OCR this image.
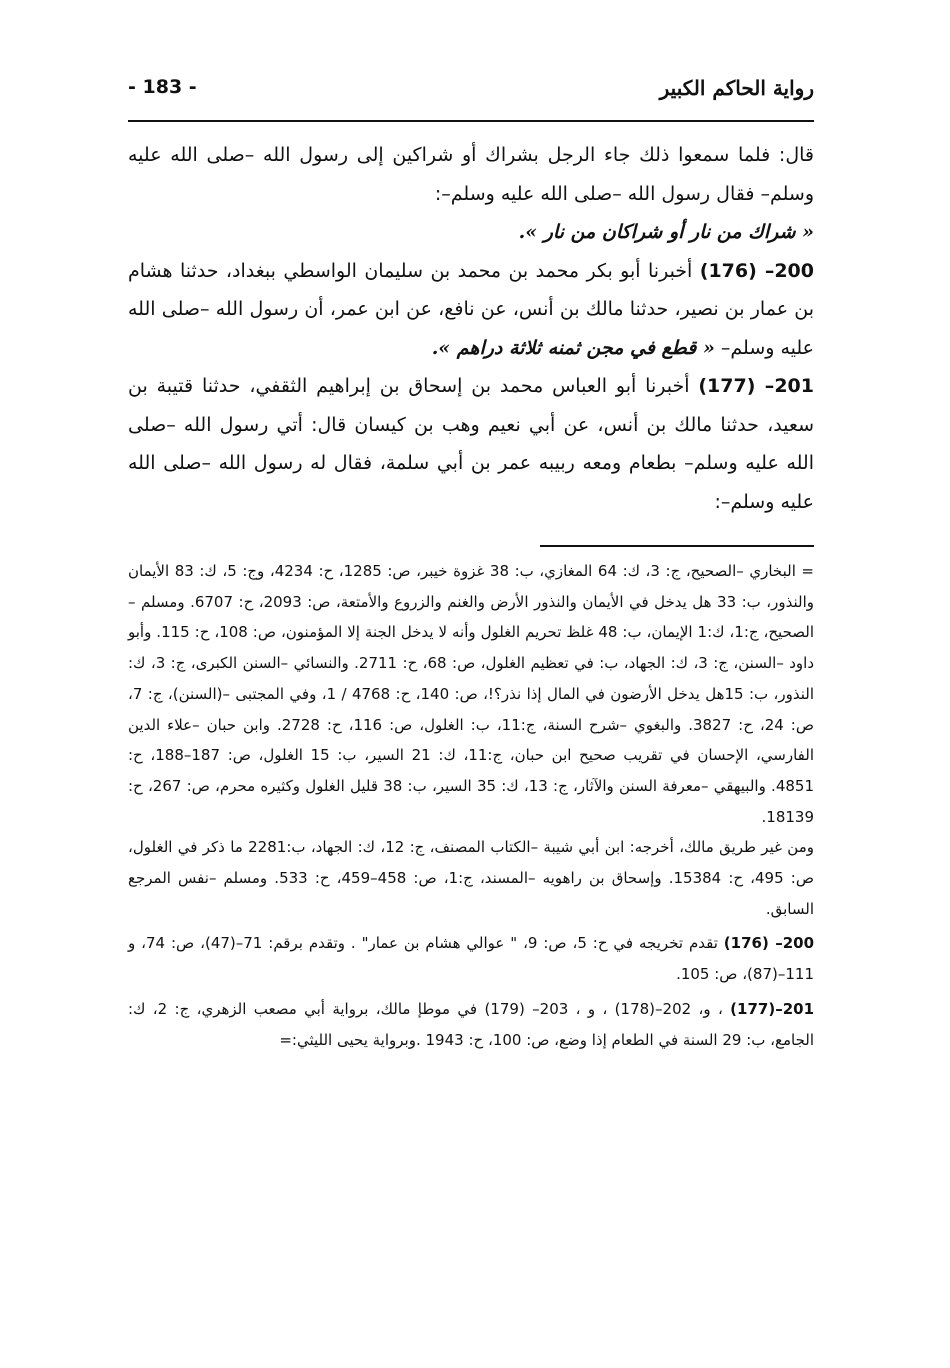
رواية الحاكم الكبير
- 183 -

قال: فلما سمعوا ذلك جاء الرجل بشراك أو شراكين إلى رسول الله –صلى الله عليه وسلم– فقال رسول الله –صلى الله عليه وسلم–:

« شراك من نار أو شراكان من نار ».

200– (176) أخبرنا أبو بكر محمد بن محمد بن سليمان الواسطي ببغداد، حدثنا هشام بن عمار بن نصير، حدثنا مالك بن أنس، عن نافع، عن ابن عمر، أن رسول الله –صلى الله عليه وسلم– « قطع في مجن ثمنه ثلاثة دراهم ».

201– (177) أخبرنا أبو العباس محمد بن إسحاق بن إبراهيم الثقفي، حدثنا قتيبة بن سعيد، حدثنا مالك بن أنس، عن أبي نعيم وهب بن كيسان قال: أتي رسول الله –صلى الله عليه وسلم– بطعام ومعه ربيبه عمر بن أبي سلمة، فقال له رسول الله –صلى الله عليه وسلم–:

= البخاري –الصحيح، ج: 3، ك: 64 المغازي، ب: 38 غزوة خيبر، ص: 1285، ح: 4234، وج: 5، ك: 83 الأيمان والنذور، ب: 33 هل يدخل في الأيمان والنذور الأرض والغنم والزروع والأمتعة، ص: 2093، ح: 6707. ومسلم –الصحيح، ج:1، ك:1 الإيمان، ب: 48 غلظ تحريم الغلول وأنه لا يدخل الجنة إلا المؤمنون، ص: 108، ح: 115. وأبو داود –السنن، ج: 3، ك: الجهاد، ب: في تعظيم الغلول، ص: 68، ح: 2711. والنسائي –السنن الكبرى، ج: 3، ك: النذور، ب: 15هل يدخل الأرضون في المال إذا نذر؟!، ص: 140، ح: 4768 / 1، وفي المجتبى –(السنن)، ج: 7، ص: 24، ح: 3827. والبغوي –شرح السنة، ج:11، ب: الغلول، ص: 116، ح: 2728. وابن حبان –علاء الدين الفارسي، الإحسان في تقريب صحيح ابن حبان، ج:11، ك: 21 السير، ب: 15 الغلول، ص: 187–188، ح: 4851. والبيهقي –معرفة السنن والآثار، ج: 13، ك: 35 السير، ب: 38 قليل الغلول وكثيره محرم، ص: 267، ح: 18139.

ومن غير طريق مالك، أخرجه: ابن أبي شيبة –الكتاب المصنف، ج: 12، ك: الجهاد، ب:2281 ما ذكر في الغلول، ص: 495، ح: 15384. وإسحاق بن راهويه –المسند، ج:1، ص: 458–459، ح: 533. ومسلم –نفس المرجع السابق.

200– (176) تقدم تخريجه في ح: 5، ص: 9، " عوالي هشام بن عمار" . وتقدم برقم: 71–(47)، ص: 74، و 111–(87)، ص: 105.

201–(177) ، و، 202–(178) ، و ، 203– (179) في موطإ مالك، برواية أبي مصعب الزهري، ج: 2، ك: الجامع، ب: 29 السنة في الطعام إذا وضع، ص: 100، ح: 1943 .وبرواية يحيى الليثي:=
